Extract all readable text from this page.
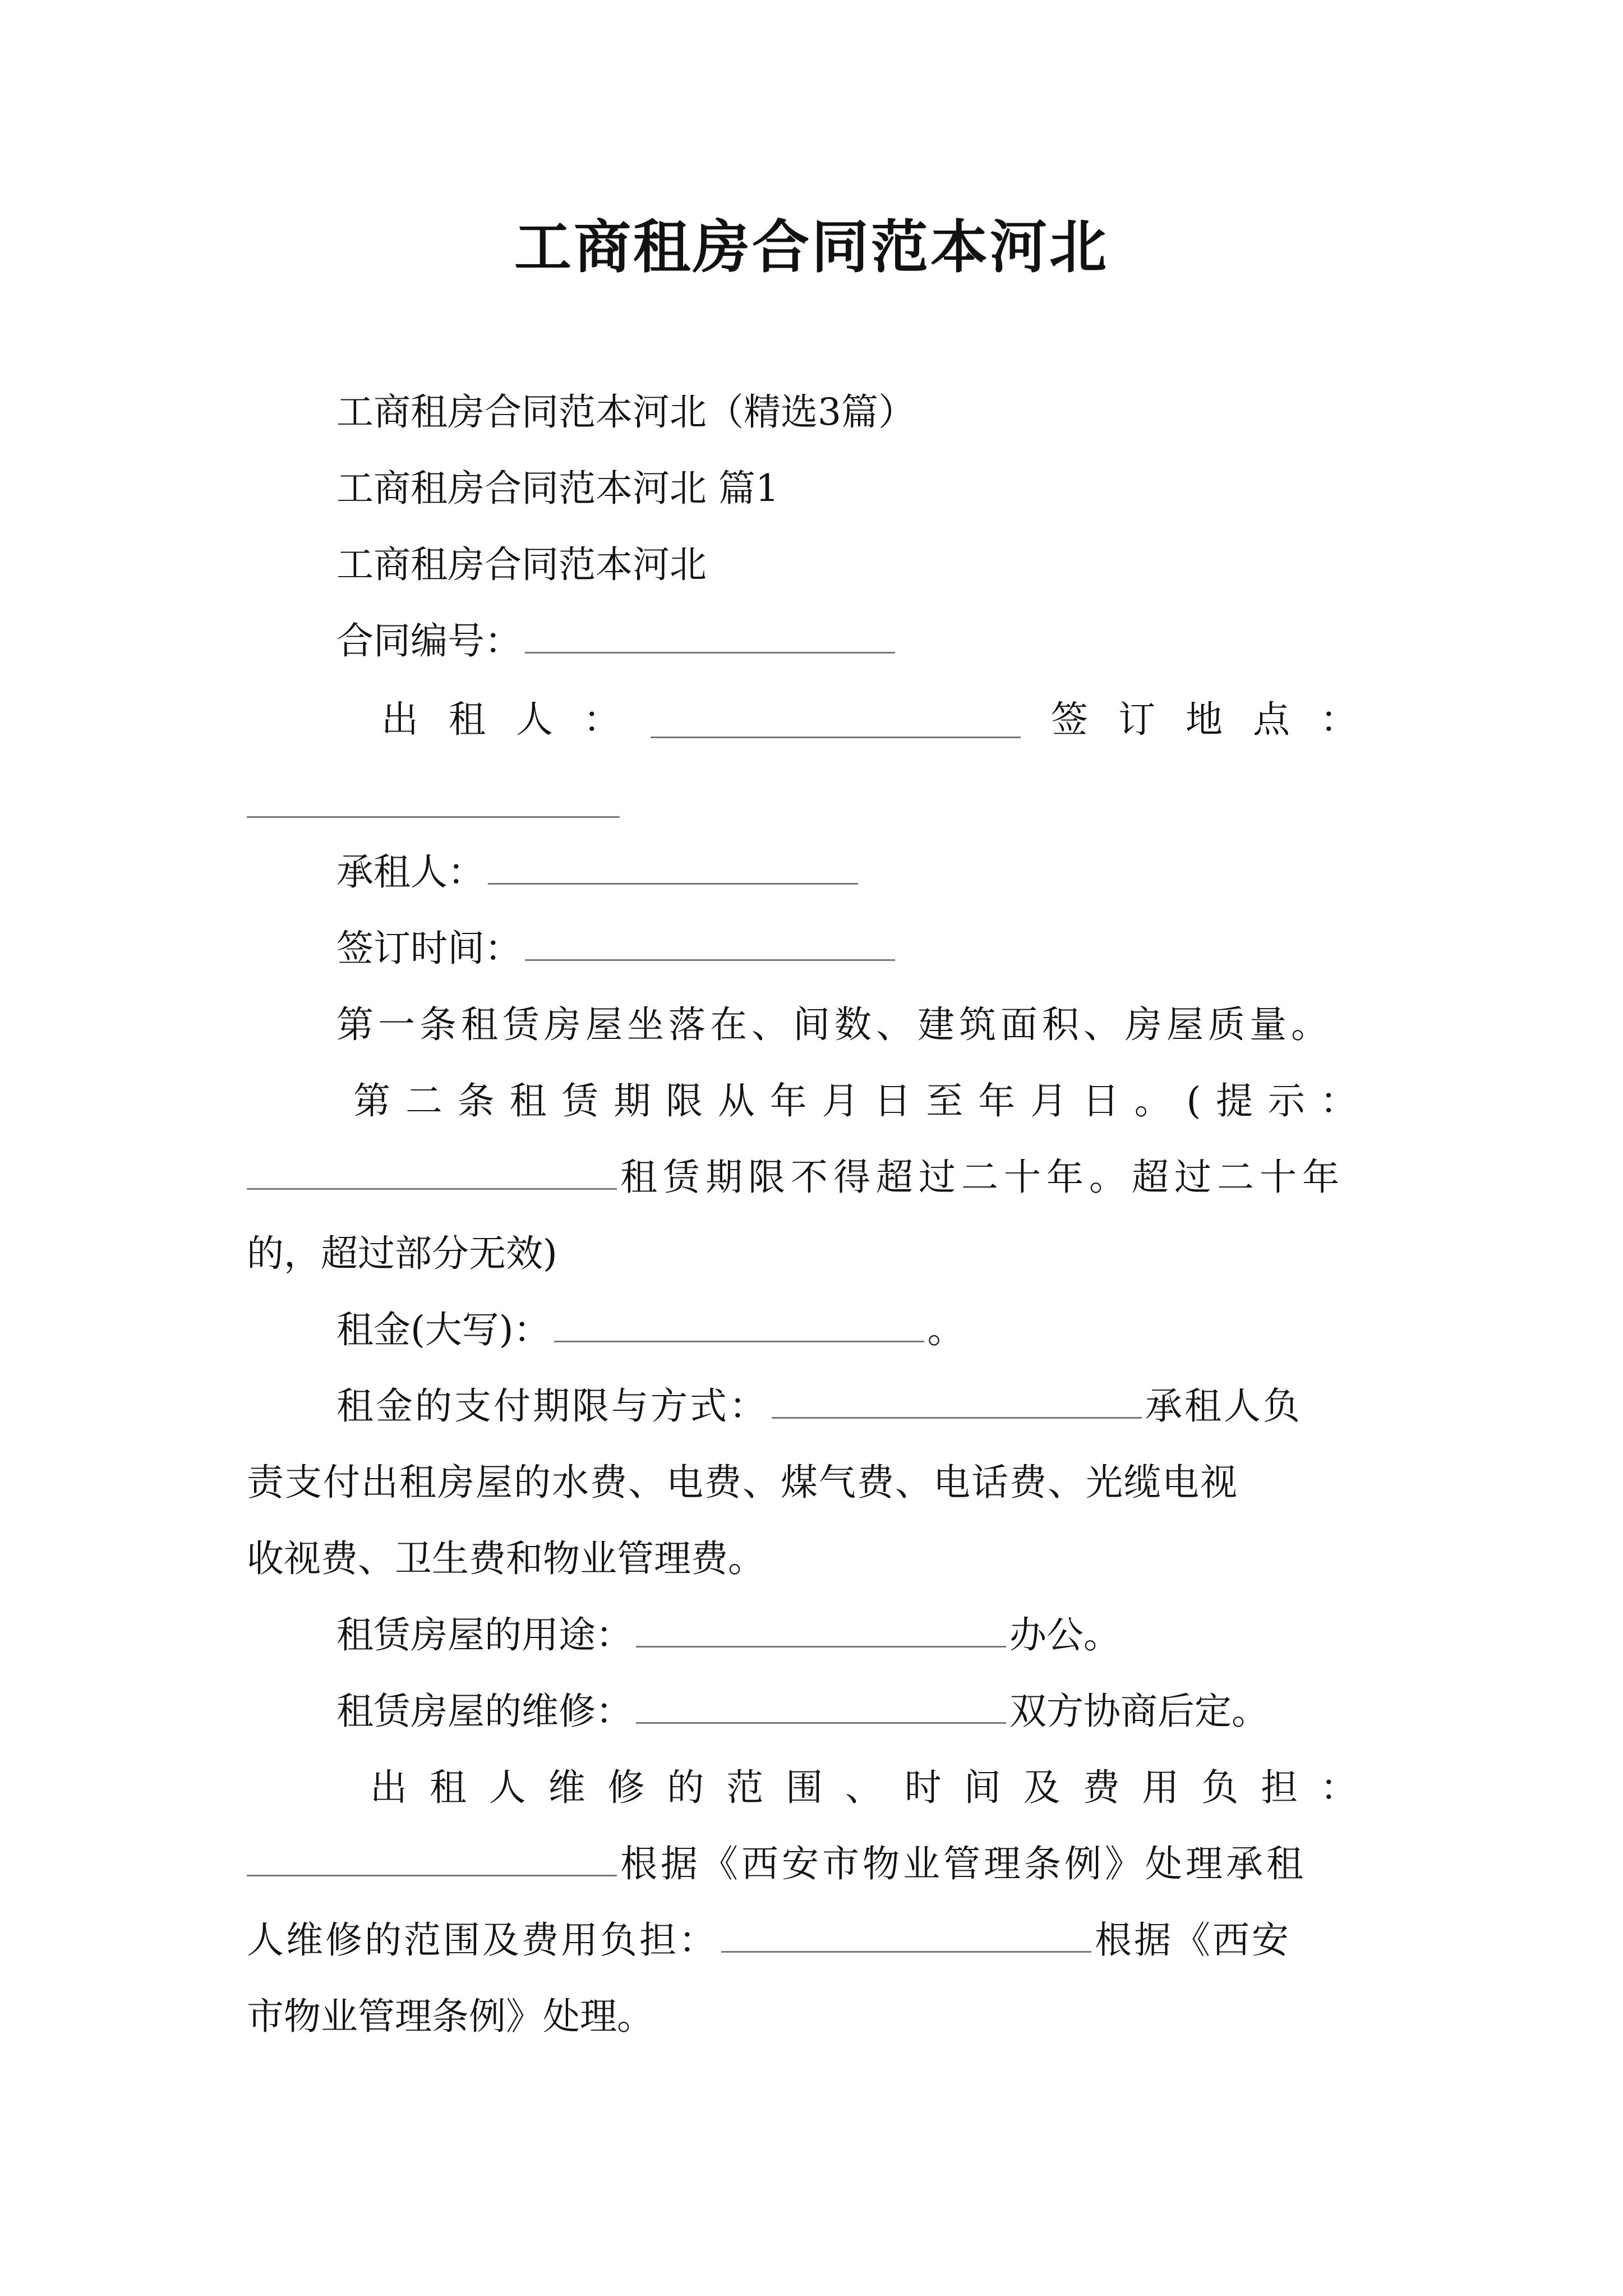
工商租房合同范本河北
工商租房合同范本河北（精选3篇）
工商租房合同范本河北 篇1
工商租房合同范本河北
合同编号：
出 租 人 ：	签 订 地 点 ：
承租人：
签订时间：
第一条租赁房屋坐落在、间数、建筑面积、房屋质量。
第 二 条 租 赁 期 限 从 年 月 日 至 年 月 日 。 ( 提 示 ：
租赁期限不得超过二十年。超过二十年
的，超过部分无效)
租金(大写)：	。
租金的支付期限与方式：	承租人负
责支付出租房屋的水费、电费、煤气费、电话费、光缆电视
收视费、卫生费和物业管理费。
租赁房屋的用途：	办公。
租赁房屋的维修：	双方协商后定。
出 租 人 维 修 的 范 围 、 时 间 及 费 用 负 担 ：
根据《西安市物业管理条例》处理承租
人维修的范围及费用负担：	根据《西安
市物业管理条例》处理。
